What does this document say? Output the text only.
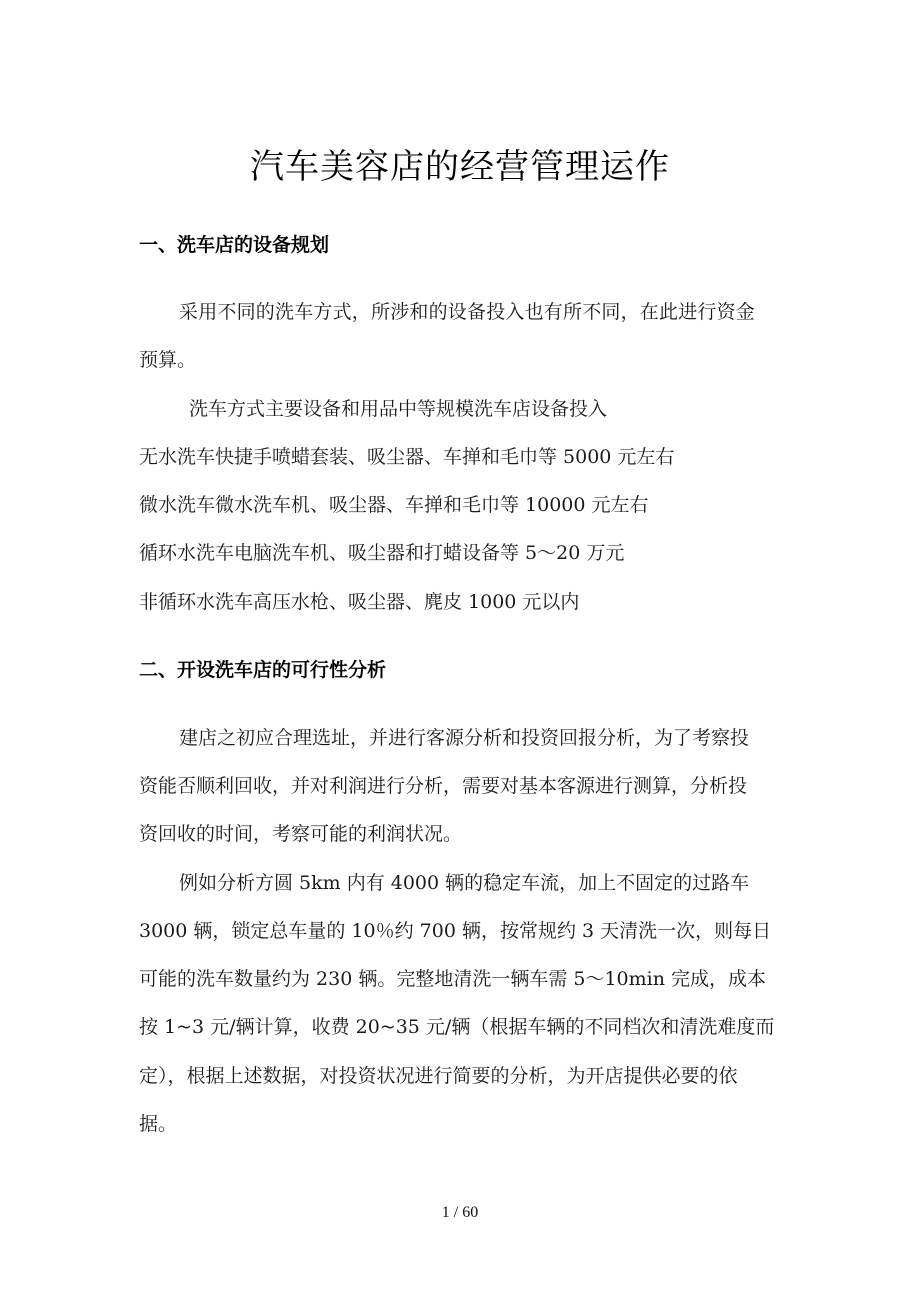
汽车美容店的经营管理运作
一、洗车店的设备规划
采用不同的洗车方式，所涉和的设备投入也有所不同，在此进行资金
预算。
洗车方式主要设备和用品中等规模洗车店设备投入
无水洗车快捷手喷蜡套装、吸尘器、车掸和毛巾等 5000 元左右
微水洗车微水洗车机、吸尘器、车掸和毛巾等 10000 元左右
循环水洗车电脑洗车机、吸尘器和打蜡设备等 5～20 万元
非循环水洗车高压水枪、吸尘器、麂皮 1000 元以内
二、开设洗车店的可行性分析
建店之初应合理选址，并进行客源分析和投资回报分析，为了考察投
资能否顺利回收，并对利润进行分析，需要对基本客源进行测算，分析投
资回收的时间，考察可能的利润状况。
例如分析方圆 5km 内有 4000 辆的稳定车流，加上不固定的过路车
3000 辆，锁定总车量的 10％约 700 辆，按常规约 3 天清洗一次，则每日
可能的洗车数量约为 230 辆。完整地清洗一辆车需 5～10min 完成，成本
按 1~3 元/辆计算，收费 20~35 元/辆（根据车辆的不同档次和清洗难度而
定），根据上述数据，对投资状况进行简要的分析，为开店提供必要的依
据。
1 / 60
